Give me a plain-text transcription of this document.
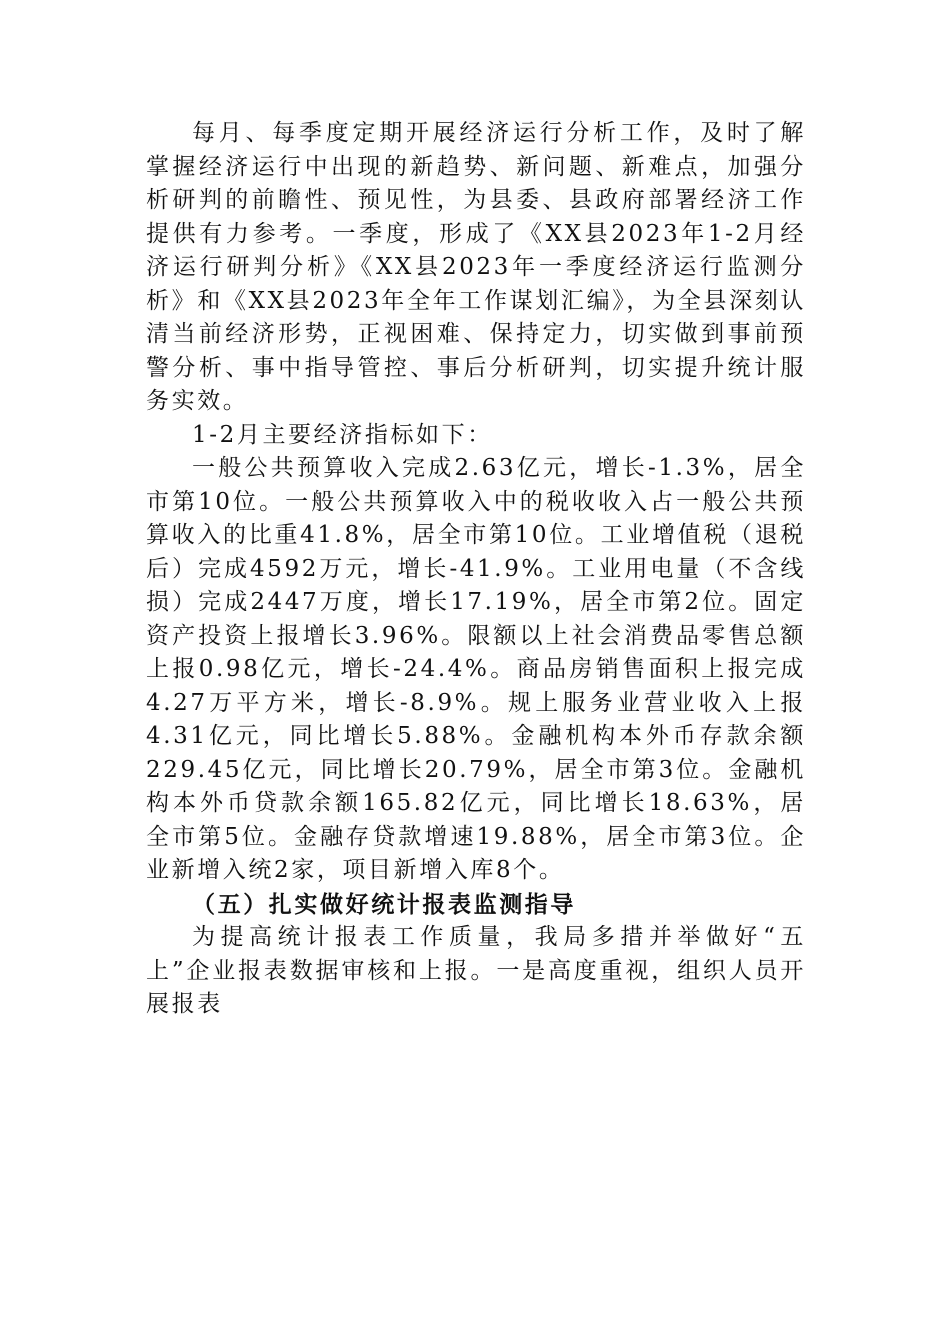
每月、每季度定期开展经济运行分析工作，及时了解掌握经济运行中出现的新趋势、新问题、新难点，加强分析研判的前瞻性、预见性，为县委、县政府部署经济工作提供有力参考。一季度，形成了《XX县2023年1-2月经济运行研判分析》《XX县2023年一季度经济运行监测分析》和《XX县2023年全年工作谋划汇编》，为全县深刻认清当前经济形势，正视困难、保持定力，切实做到事前预警分析、事中指导管控、事后分析研判，切实提升统计服务实效。

1-2月主要经济指标如下：

一般公共预算收入完成2.63亿元，增长-1.3%，居全市第10位。一般公共预算收入中的税收收入占一般公共预算收入的比重41.8%，居全市第10位。工业增值税（退税后）完成4592万元，增长-41.9%。工业用电量（不含线损）完成2447万度，增长17.19%，居全市第2位。固定资产投资上报增长3.96%。限额以上社会消费品零售总额上报0.98亿元，增长-24.4%。商品房销售面积上报完成4.27万平方米，增长-8.9%。规上服务业营业收入上报4.31亿元，同比增长5.88%。金融机构本外币存款余额229.45亿元，同比增长20.79%，居全市第3位。金融机构本外币贷款余额165.82亿元，同比增长18.63%，居全市第5位。金融存贷款增速19.88%，居全市第3位。企业新增入统2家，项目新增入库8个。

（五）扎实做好统计报表监测指导

为提高统计报表工作质量，我局多措并举做好“五上”企业报表数据审核和上报。一是高度重视，组织人员开展报表
